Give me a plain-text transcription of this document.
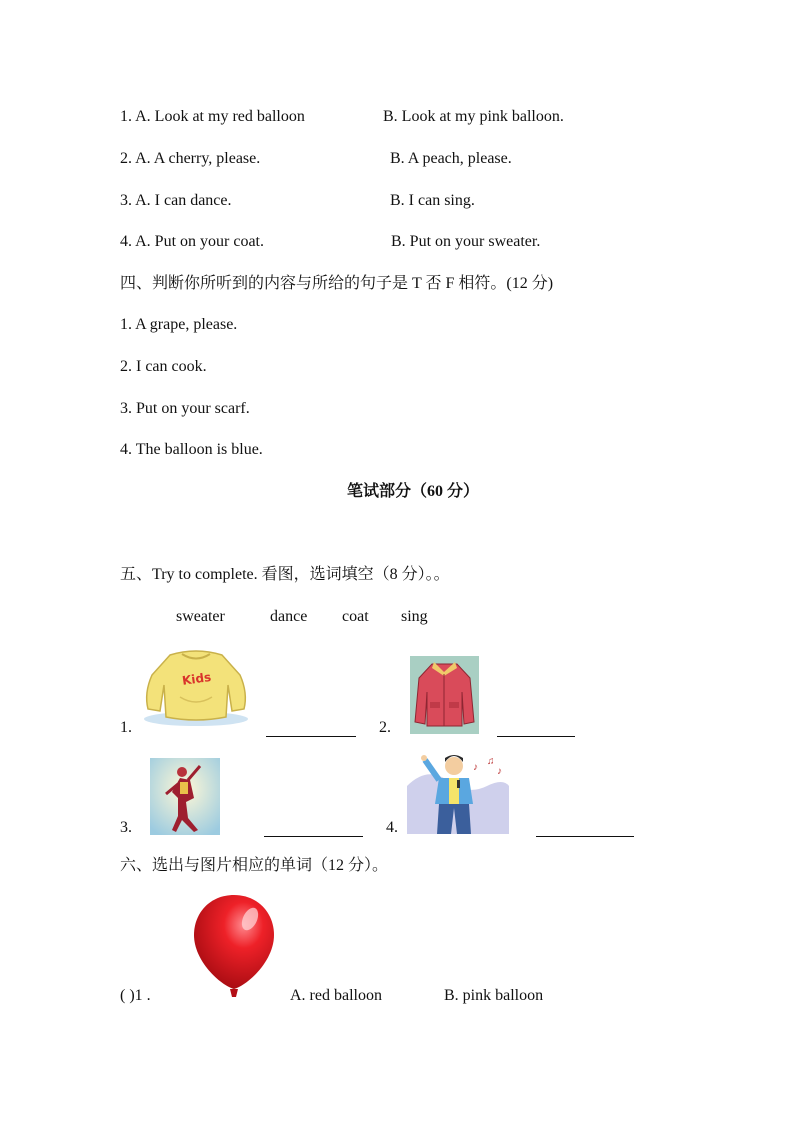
1. A. Look at my red balloon	B. Look at my pink balloon.
2. A. A cherry, please.	B. A peach, please.
3. A. I can dance.	B. I can sing.
4. A. Put on your coat.	B. Put on your sweater.
四、判断你所听到的内容与所给的句子是 T 否 F 相符。(12 分)
1. A grape, please.
2. I can cook.
3. Put on your scarf.
4. The balloon is blue.
笔试部分（60 分）
五、Try to complete. 看图，选词填空（8 分）。。
sweater	dance coat sing
Kids
1.	2.
3.
♪
♫
♪
4.
六、选出与图片相应的单词（12 分）。
( )1 .	A. red balloon	B. pink balloon
